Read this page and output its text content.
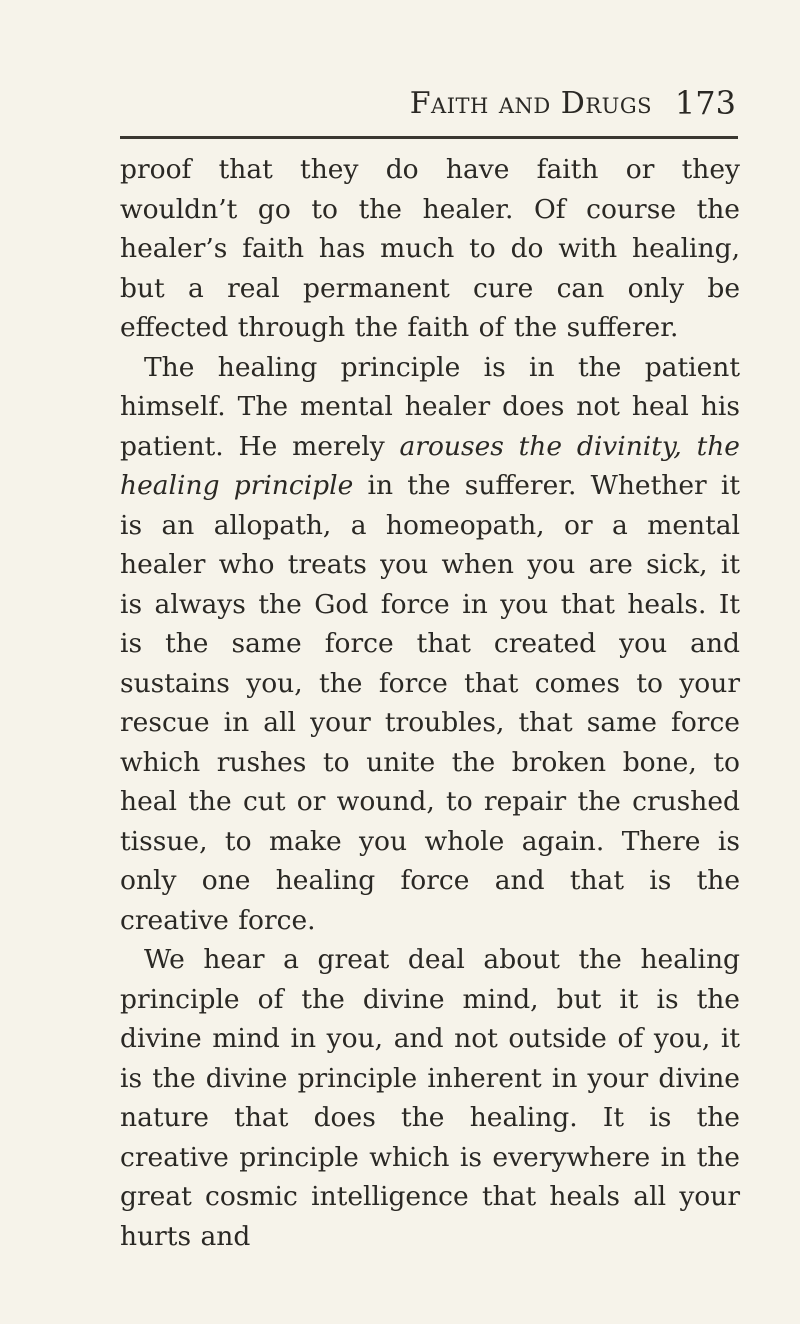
Faith and Drugs 173

proof that they do have faith or they wouldn’t go to the healer. Of course the healer’s faith has much to do with healing, but a real permanent cure can only be effected through the faith of the sufferer.

The healing principle is in the patient himself. The mental healer does not heal his patient. He merely arouses the divinity, the healing principle in the sufferer. Whether it is an allopath, a homeopath, or a mental healer who treats you when you are sick, it is always the God force in you that heals. It is the same force that created you and sustains you, the force that comes to your rescue in all your troubles, that same force which rushes to unite the broken bone, to heal the cut or wound, to repair the crushed tissue, to make you whole again. There is only one healing force and that is the creative force.

We hear a great deal about the healing principle of the divine mind, but it is the divine mind in you, and not outside of you, it is the divine principle inherent in your divine nature that does the healing. It is the creative principle which is everywhere in the great cosmic intelligence that heals all your hurts and
